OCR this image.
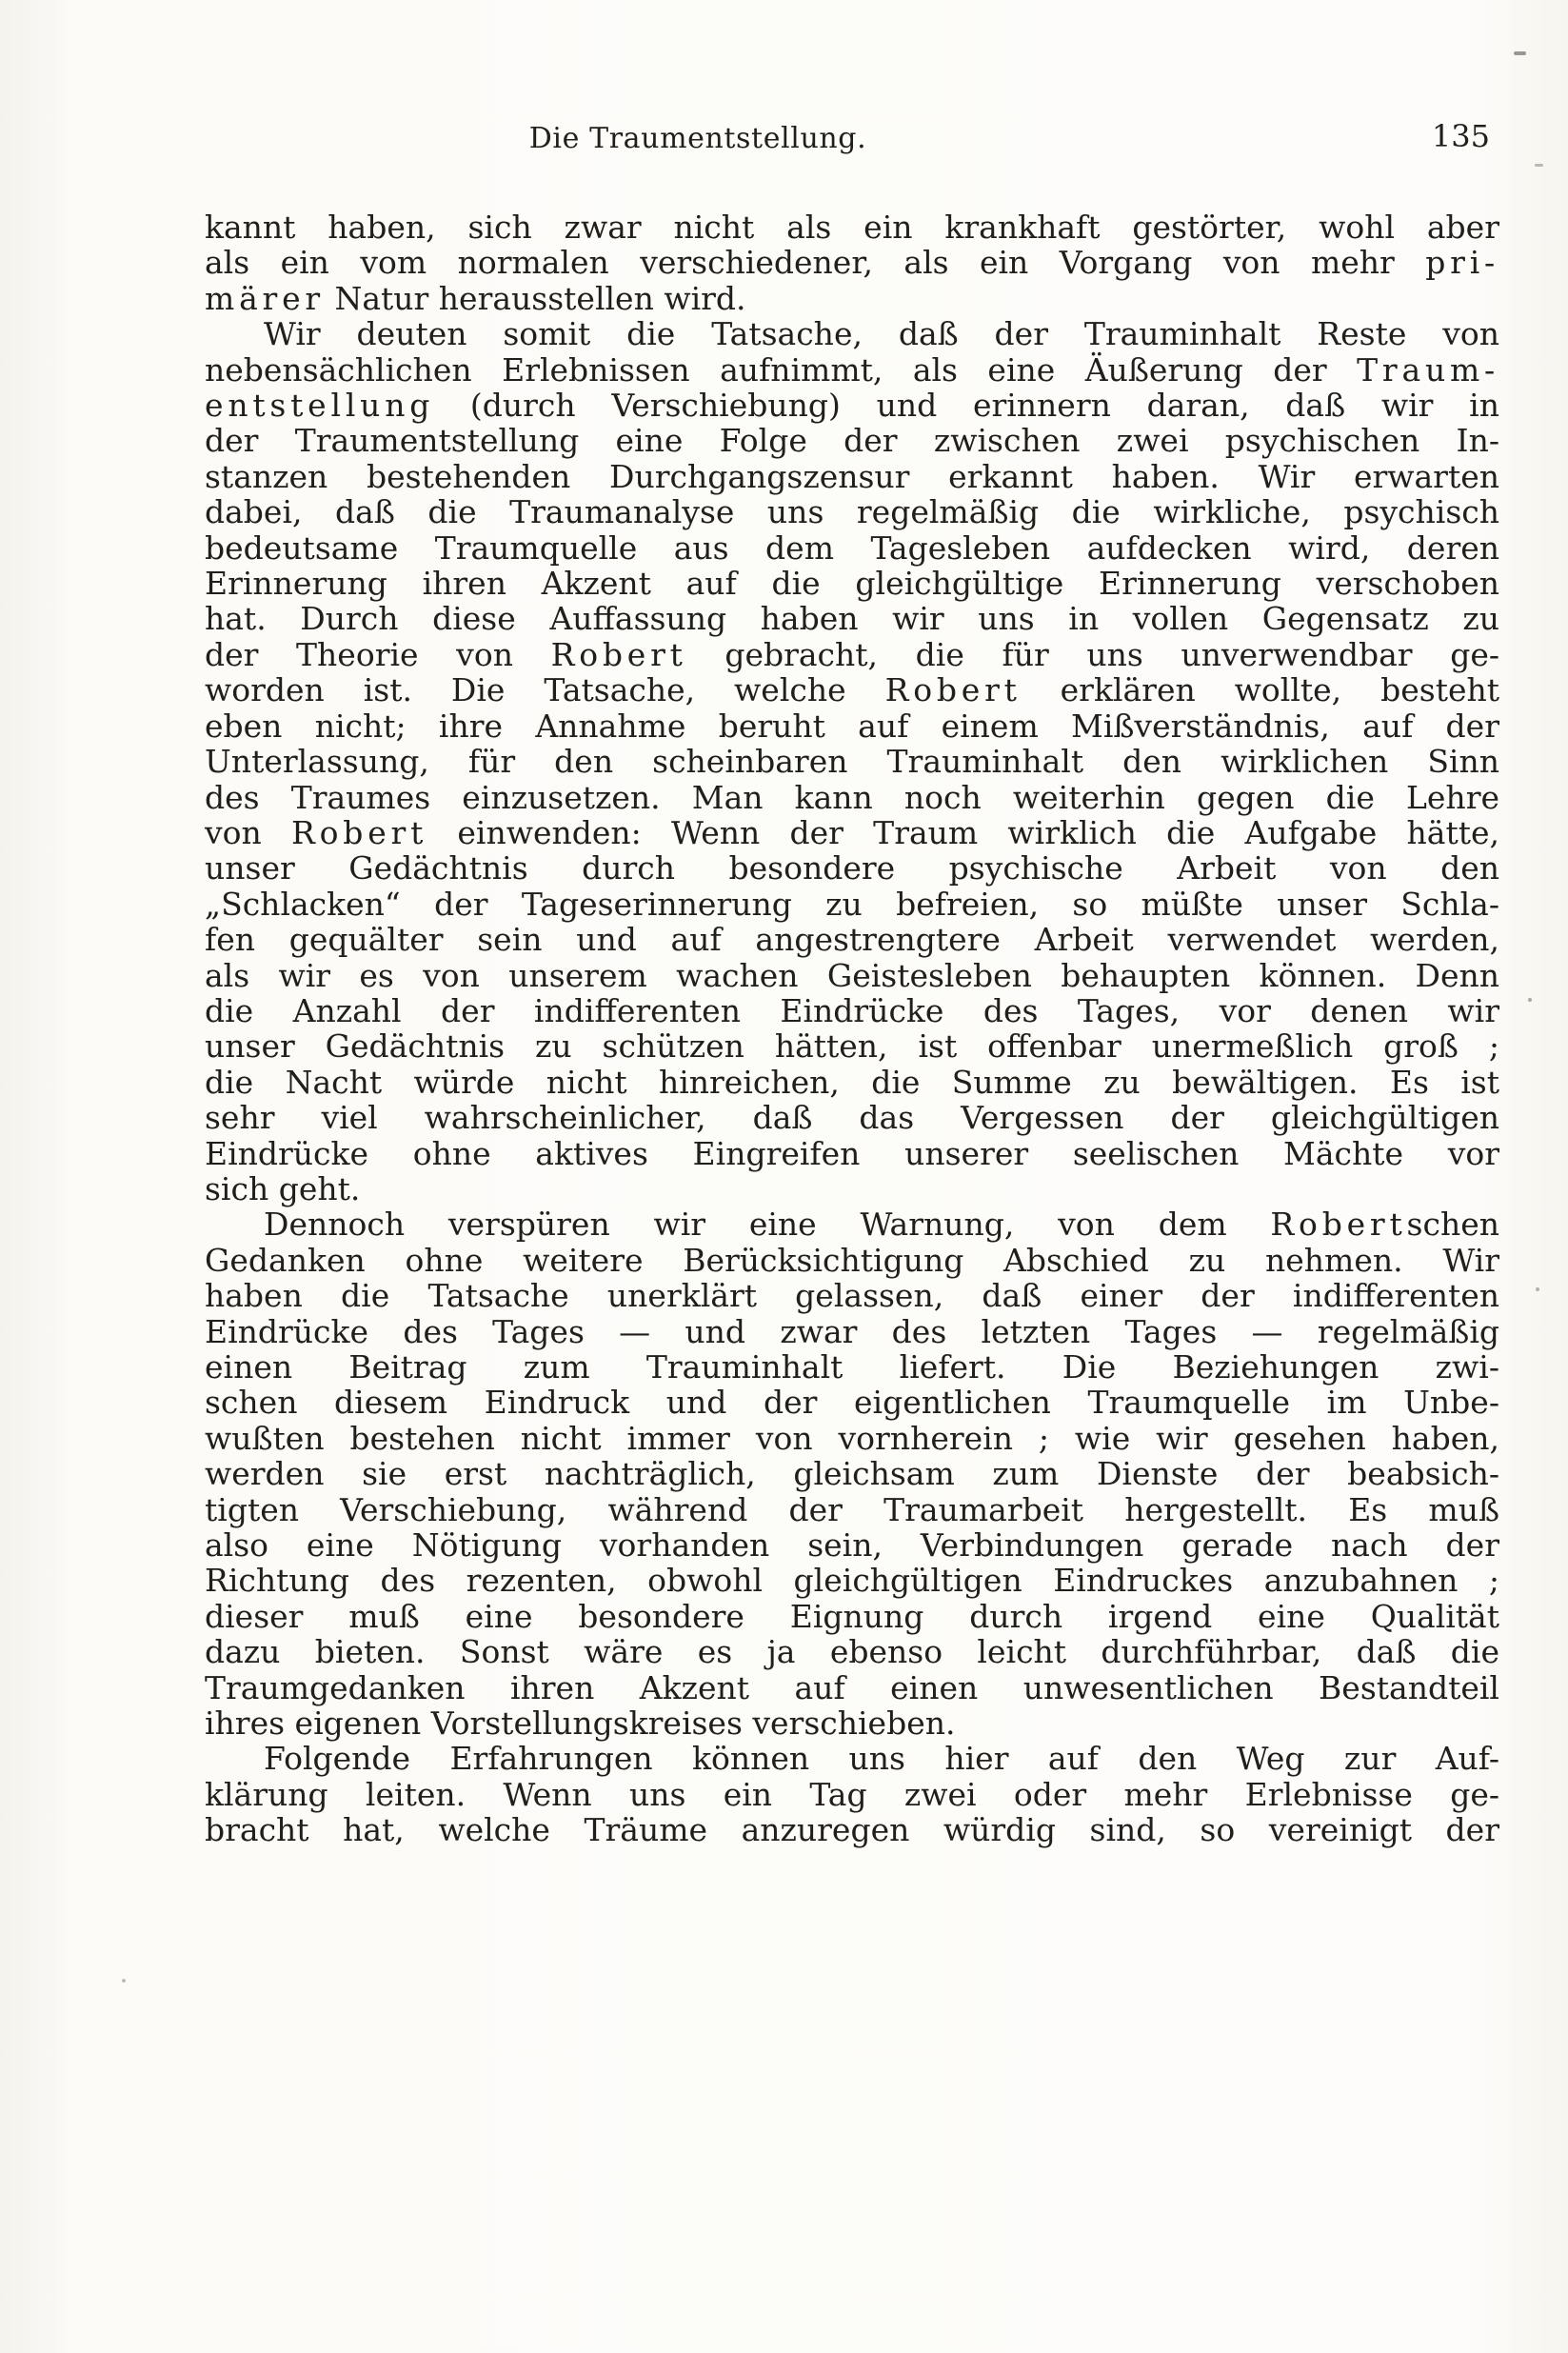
Die Traumentstellung.	135
kannt haben, sich zwar nicht als ein krankhaft gestörter, wohl aber
als ein vom normalen verschiedener, als ein Vorgang von mehr pri-
märer Natur herausstellen wird.
Wir deuten somit die Tatsache, daß der Trauminhalt Reste von
nebensächlichen Erlebnissen aufnimmt, als eine Äußerung der Traum-
entstellung (durch Verschiebung) und erinnern daran, daß wir in
der Traumentstellung eine Folge der zwischen zwei psychischen In-
stanzen bestehenden Durchgangszensur erkannt haben. Wir erwarten
dabei, daß die Traumanalyse uns regelmäßig die wirkliche, psychisch
bedeutsame Traumquelle aus dem Tagesleben aufdecken wird, deren
Erinnerung ihren Akzent auf die gleichgültige Erinnerung verschoben
hat. Durch diese Auffassung haben wir uns in vollen Gegensatz zu
der Theorie von Robert gebracht, die für uns unverwendbar ge-
worden ist. Die Tatsache, welche Robert erklären wollte, besteht
eben nicht; ihre Annahme beruht auf einem Mißverständnis, auf der
Unterlassung, für den scheinbaren Trauminhalt den wirklichen Sinn
des Traumes einzusetzen. Man kann noch weiterhin gegen die Lehre
von Robert einwenden: Wenn der Traum wirklich die Aufgabe hätte,
unser Gedächtnis durch besondere psychische Arbeit von den
„Schlacken“ der Tageserinnerung zu befreien, so müßte unser Schla-
fen gequälter sein und auf angestrengtere Arbeit verwendet werden,
als wir es von unserem wachen Geistesleben behaupten können. Denn
die Anzahl der indifferenten Eindrücke des Tages, vor denen wir
unser Gedächtnis zu schützen hätten, ist offenbar unermeßlich groß ;
die Nacht würde nicht hinreichen, die Summe zu bewältigen. Es ist
sehr viel wahrscheinlicher, daß das Vergessen der gleichgültigen
Eindrücke ohne aktives Eingreifen unserer seelischen Mächte vor
sich geht.
Dennoch verspüren wir eine Warnung, von dem Robertschen
Gedanken ohne weitere Berücksichtigung Abschied zu nehmen. Wir
haben die Tatsache unerklärt gelassen, daß einer der indifferenten
Eindrücke des Tages — und zwar des letzten Tages — regelmäßig
einen Beitrag zum Trauminhalt liefert. Die Beziehungen zwi-
schen diesem Eindruck und der eigentlichen Traumquelle im Unbe-
wußten bestehen nicht immer von vornherein ; wie wir gesehen haben,
werden sie erst nachträglich, gleichsam zum Dienste der beabsich-
tigten Verschiebung, während der Traumarbeit hergestellt. Es muß
also eine Nötigung vorhanden sein, Verbindungen gerade nach der
Richtung des rezenten, obwohl gleichgültigen Eindruckes anzubahnen ;
dieser muß eine besondere Eignung durch irgend eine Qualität
dazu bieten. Sonst wäre es ja ebenso leicht durchführbar, daß die
Traumgedanken ihren Akzent auf einen unwesentlichen Bestandteil
ihres eigenen Vorstellungskreises verschieben.
Folgende Erfahrungen können uns hier auf den Weg zur Auf-
klärung leiten. Wenn uns ein Tag zwei oder mehr Erlebnisse ge-
bracht hat, welche Träume anzuregen würdig sind, so vereinigt der
